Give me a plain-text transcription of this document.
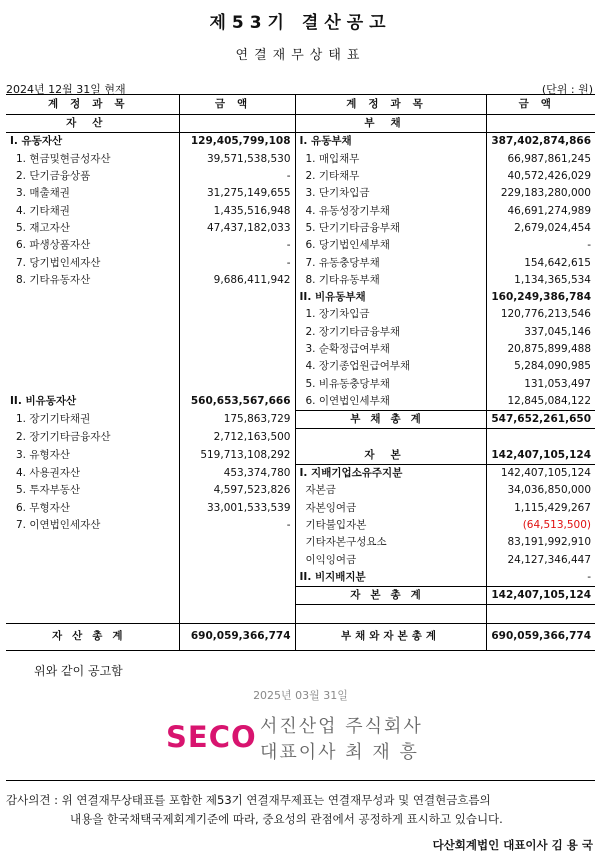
제53기 결산공고
연결재무상태표
2024년 12월 31일 현재	(단위 : 원)
계정과목	금액	계정과목	금액
자산		부채	
I. 유동자산	129,405,799,108	I. 유동부채	387,402,874,866
1. 현금및현금성자산	39,571,538,530	1. 매입채무	66,987,861,245
2. 단기금융상품	-	2. 기타채무	40,572,426,029
3. 매출채권	31,275,149,655	3. 단기차입금	229,183,280,000
4. 기타채권	1,435,516,948	4. 유동성장기부채	46,691,274,989
5. 재고자산	47,437,182,033	5. 단기기타금융부채	2,679,024,454
6. 파생상품자산	-	6. 당기법인세부채	-
7. 당기법인세자산	-	7. 유동충당부채	154,642,615
8. 기타유동자산	9,686,411,942	8. 기타유동부채	1,134,365,534
		II. 비유동부채	160,249,386,784
		1. 장기차입금	120,776,213,546
		2. 장기기타금융부채	337,045,146
		3. 순확정급여부채	20,875,899,488
		4. 장기종업원급여부채	5,284,090,985
		5. 비유동충당부채	131,053,497
II. 비유동자산	560,653,567,666	6. 이연법인세부채	12,845,084,122
1. 장기기타채권	175,863,729	부채총계	547,652,261,650
2. 장기기타금융자산	2,712,163,500		
3. 유형자산	519,713,108,292	자본	142,407,105,124
4. 사용권자산	453,374,780	I. 지배기업소유주지분	142,407,105,124
5. 투자부동산	4,597,523,826	자본금	34,036,850,000
6. 무형자산	33,001,533,539	자본잉여금	1,115,429,267
7. 이연법인세자산	-	기타불입자본	(64,513,500)
		기타자본구성요소	83,191,992,910
		이익잉여금	24,127,346,447
		II. 비지배지분	-
		자본총계	142,407,105,124

자산총계	690,059,366,774	부채와자본총계	690,059,366,774
위와 같이 공고함
2025년 03월 31일
SECO 서진산업 주식회사
대표이사 최 재 흥
감사의견 : 위 연결재무상태표를 포함한 제53기 연결재무제표는 연결재무성과 및 연결현금흐름의
내용을 한국채택국제회계기준에 따라, 중요성의 관점에서 공정하게 표시하고 있습니다.
다산회계법인 대표이사 김 용 국
